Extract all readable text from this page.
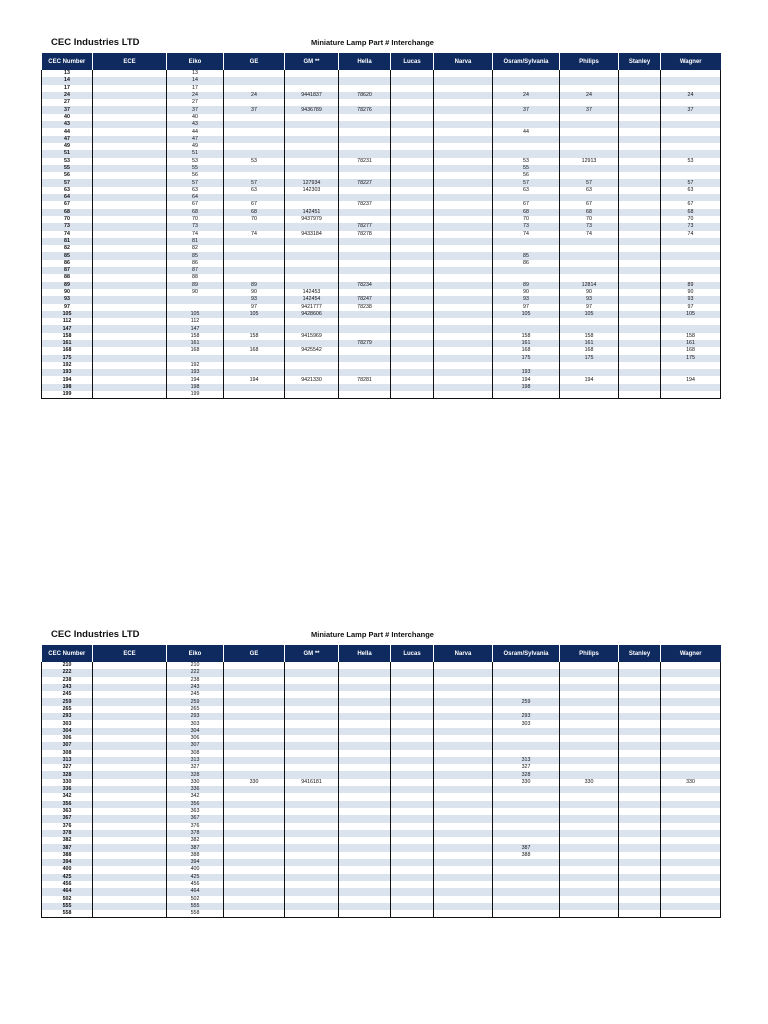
CEC Industries LTD	Miniature Lamp Part # Interchange
CEC Number	ECE	Eiko	GE	GM **	Hella	Lucas	Narva	Osram/Sylvania	Philips	Stanley	Wagner
13		13									
14		14									
17		17									
24		24	24	9441837	78620			24	24		24
27		27									
37		37	37	9436789	78276			37	37		37
40		40									
43		43									
44		44						44			
47		47									
49		49									
51		51									
53		53	53		78231			53	12913		53
55		55						55			
56		56						56			
57		57	57	127934	78227			57	57		57
63		63	63	142303				63	63		63
64		64									
67		67	67		78237			67	67		67
68		68	68	142451				68	68		68
70		70	70	9437979				70	70		70
73		73			78277			73	73		73
74		74	74	9433184	78278			74	74		74
81		81									
82		82									
85		85						85			
86		86						86			
87		87									
88		88									
89		89	89		78234			89	12814		89
90		90	90	142453				90	90		90
93			93	142454	78247			93	93		93
97			97	9421777	78238			97	97		97
105		105	105	9428606				105	105		105
112		112									
147		147									
158		158	158	9415969				158	158		158
161		161			78279			161	161		161
168		168	168	9425542				168	168		168
175								175	175		175
192		192									
193		193						193			
194		194	194	9421330	78281			194	194		194
198		198						198			
199		199									
CEC Industries LTD	Miniature Lamp Part # Interchange
CEC Number	ECE	Eiko	GE	GM **	Hella	Lucas	Narva	Osram/Sylvania	Philips	Stanley	Wagner
210		210									
222		222									
238		238									
243		243									
245		245									
259		259						259			
265		265									
293		293						293			
303		303						303			
304		304									
306		306									
307		307									
308		308									
313		313						313			
327		327						327			
328		328						328			
330		330	330	9416181				330	330		330
336		336									
342		342									
356		356									
363		363									
367		367									
376		376									
378		378									
382		382									
387		387						387			
388		388						388			
394		394									
400		400									
425		425									
456		456									
464		464									
502		502									
555		555									
558		558									
